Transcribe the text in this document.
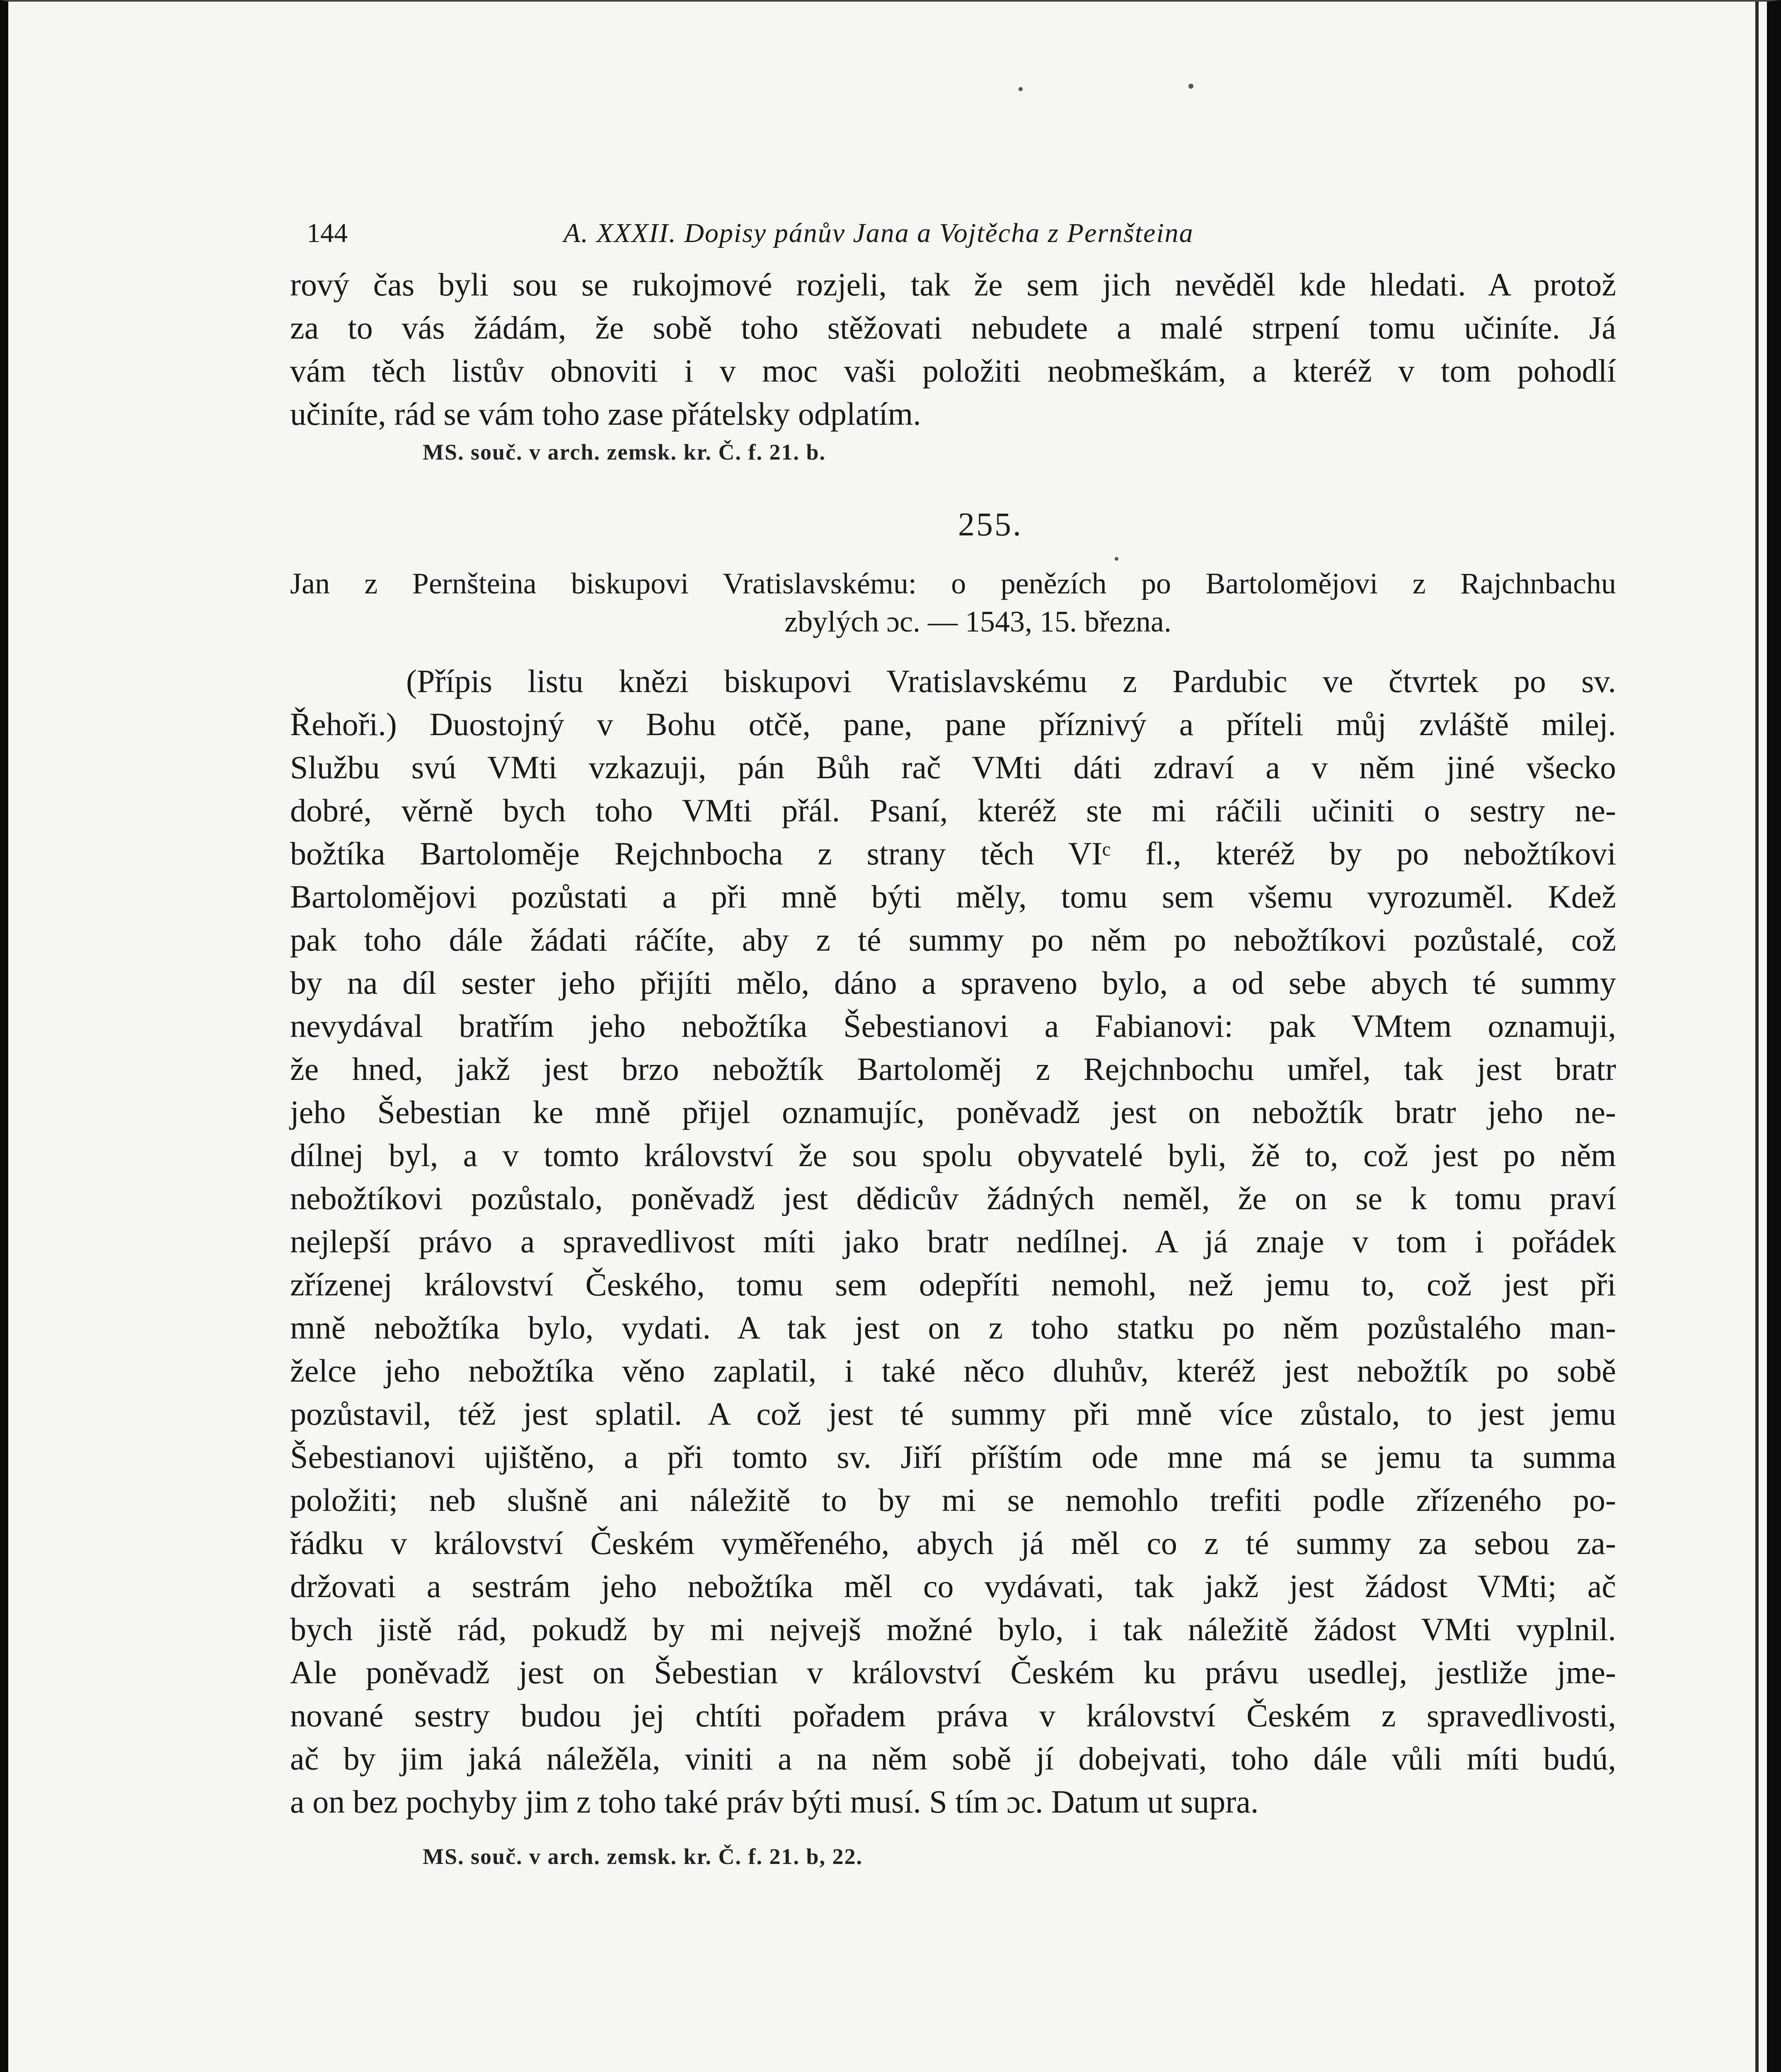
144	A. XXXII. Dopisy pánův Jana a Vojtěcha z Pernšteina
rový čas byli sou se rukojmové rozjeli, tak že sem jich nevěděl kde hledati. A protož
za to vás žádám, že sobě toho stěžovati nebudete a malé strpení tomu učiníte. Já
vám těch listův obnoviti i v moc vaši položiti neobmeškám, a kteréž v tom pohodlí
učiníte, rád se vám toho zase přátelsky odplatím.
MS. souč. v arch. zemsk. kr. Č. f. 21. b.
255.
Jan z Pernšteina biskupovi Vratislavskému: o penězích po Bartolomějovi z Rajchnbachu
zbylých ɔc. — 1543, 15. března.
(Přípis listu knězi biskupovi Vratislavskému z Pardubic ve čtvrtek po sv.
Řehoři.) Duostojný v Bohu otčě, pane, pane příznivý a příteli můj zvláště milej.
Službu svú VMti vzkazuji, pán Bůh rač VMti dáti zdraví a v něm jiné všecko
dobré, věrně bych toho VMti přál. Psaní, kteréž ste mi ráčili učiniti o sestry ne-
božtíka Bartoloměje Rejchnbocha z strany těch VIᶜ fl., kteréž by po nebožtíkovi
Bartolomějovi pozůstati a při mně býti měly, tomu sem všemu vyrozuměl. Kdež
pak toho dále žádati ráčíte, aby z té summy po něm po nebožtíkovi pozůstalé, což
by na díl sester jeho přijíti mělo, dáno a spraveno bylo, a od sebe abych té summy
nevydával bratřím jeho nebožtíka Šebestianovi a Fabianovi: pak VMtem oznamuji,
že hned, jakž jest brzo nebožtík Bartoloměj z Rejchnbochu umřel, tak jest bratr
jeho Šebestian ke mně přijel oznamujíc, poněvadž jest on nebožtík bratr jeho ne-
dílnej byl, a v tomto království že sou spolu obyvatelé byli, žě to, což jest po něm
nebožtíkovi pozůstalo, poněvadž jest dědicův žádných neměl, že on se k tomu praví
nejlepší právo a spravedlivost míti jako bratr nedílnej. A já znaje v tom i pořádek
zřízenej království Českého, tomu sem odepříti nemohl, než jemu to, což jest při
mně nebožtíka bylo, vydati. A tak jest on z toho statku po něm pozůstalého man-
želce jeho nebožtíka věno zaplatil, i také něco dluhův, kteréž jest nebožtík po sobě
pozůstavil, též jest splatil. A což jest té summy při mně více zůstalo, to jest jemu
Šebestianovi ujištěno, a při tomto sv. Jiří příštím ode mne má se jemu ta summa
položiti; neb slušně ani náležitě to by mi se nemohlo trefiti podle zřízeného po-
řádku v království Českém vyměřeného, abych já měl co z té summy za sebou za-
držovati a sestrám jeho nebožtíka měl co vydávati, tak jakž jest žádost VMti; ač
bych jistě rád, pokudž by mi nejvejš možné bylo, i tak náležitě žádost VMti vyplnil.
Ale poněvadž jest on Šebestian v království Českém ku právu usedlej, jestliže jme-
nované sestry budou jej chtíti pořadem práva v království Českém z spravedlivosti,
ač by jim jaká náležěla, viniti a na něm sobě jí dobejvati, toho dále vůli míti budú,
a on bez pochyby jim z toho také práv býti musí. S tím ɔc. Datum ut supra.
MS. souč. v arch. zemsk. kr. Č. f. 21. b, 22.
